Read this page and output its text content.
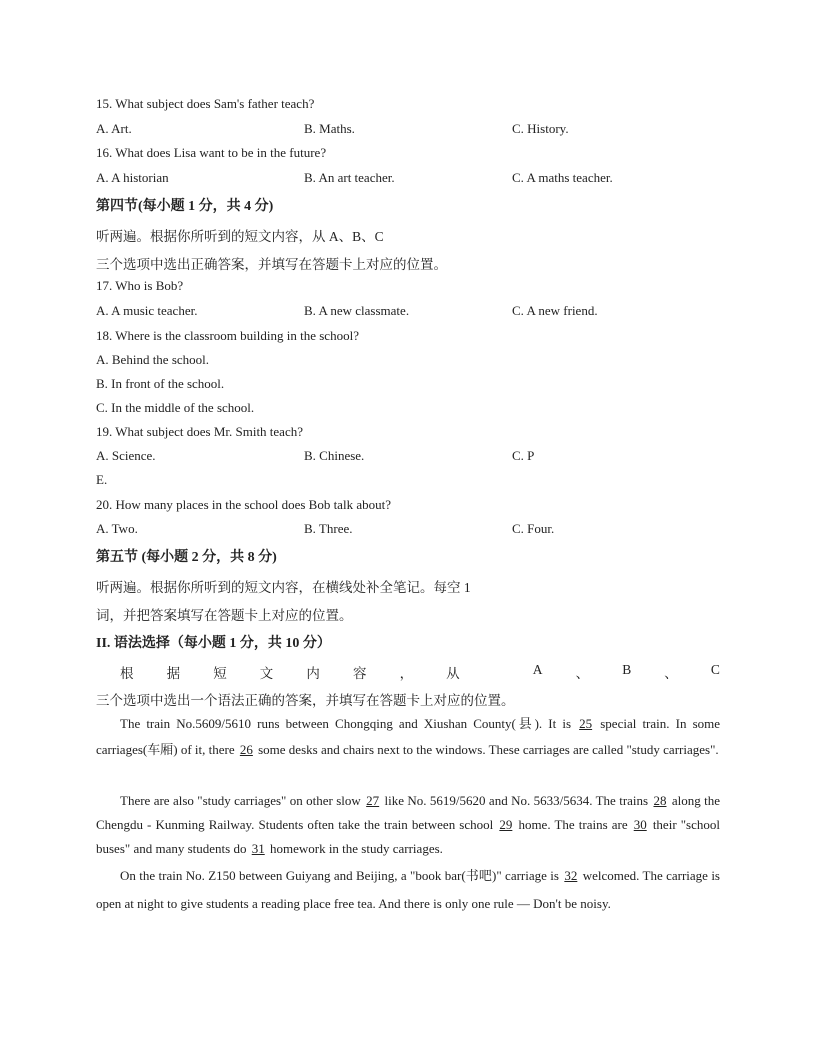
15. What subject does Sam's father teach?
A. Art.	B. Maths.	C. History.
16. What does Lisa want to be in the future?
A. A historian	B. An art teacher.	C. A maths teacher.
第四节(每小题 1 分，共 4 分)
听两遍。根据你所听到的短文内容，从 A、B、C
三个选项中选出正确答案，并填写在答题卡上对应的位置。
17. Who is Bob?
A. A music teacher.	B. A new classmate.	C. A new friend.
18. Where is the classroom building in the school?
A. Behind the school.
B. In front of the school.
C. In the middle of the school.
19. What subject does Mr. Smith teach?
A. Science.	B. Chinese.	C. P
E.
20. How many places in the school does Bob talk about?
A. Two.	B. Three.	C. Four.
第五节 (每小题 2 分，共 8 分)
听两遍。根据你所听到的短文内容，在横线处补全笔记。每空 1
词，并把答案填写在答题卡上对应的位置。
II. 语法选择（每小题 1 分，共 10 分）
根 据 短 文 内 容 ， 从	A 、 B 、 C
三个选项中选出一个语法正确的答案，并填写在答题卡上对应的位置。

The train No.5609/5610 runs between Chongqing and Xiushan County(县). It is 25 special train. In some carriages(车厢) of it, there 26 some desks and chairs next to the windows. These carriages are called "study carriages".

There are also "study carriages" on other slow 27 like No. 5619/5620 and No. 5633/5634. The trains 28 along the Chengdu - Kunming Railway. Students often take the train between school 29 home. The trains are 30 their "school buses" and many students do 31 homework in the study carriages.

On the train No. Z150 between Guiyang and Beijing, a "book bar(书吧)" carriage is 32 welcomed. The carriage is open at night to give students a reading place free tea. And there is only one rule — Don't be noisy.
